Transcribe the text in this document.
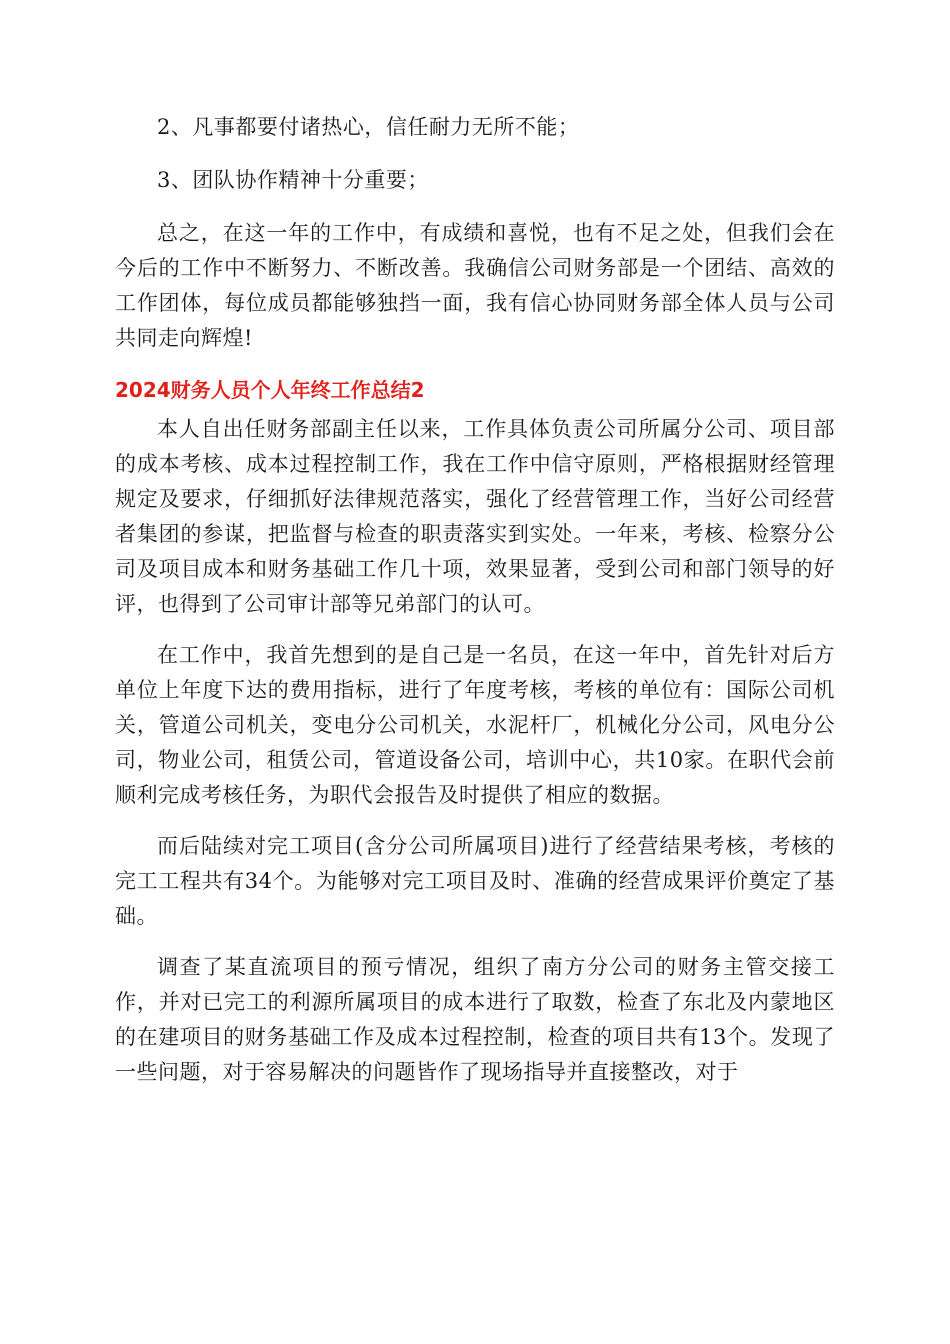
2、凡事都要付诸热心，信任耐力无所不能；

3、团队协作精神十分重要；

总之，在这一年的工作中，有成绩和喜悦，也有不足之处，但我们会在今后的工作中不断努力、不断改善。我确信公司财务部是一个团结、高效的工作团体，每位成员都能够独挡一面，我有信心协同财务部全体人员与公司共同走向辉煌!

2024财务人员个人年终工作总结2

本人自出任财务部副主任以来，工作具体负责公司所属分公司、项目部的成本考核、成本过程控制工作，我在工作中信守原则，严格根据财经管理规定及要求，仔细抓好法律规范落实，强化了经营管理工作，当好公司经营者集团的参谋，把监督与检查的职责落实到实处。一年来，考核、检察分公司及项目成本和财务基础工作几十项，效果显著，受到公司和部门领导的好评，也得到了公司审计部等兄弟部门的认可。

在工作中，我首先想到的是自己是一名员，在这一年中，首先针对后方单位上年度下达的费用指标，进行了年度考核，考核的单位有：国际公司机关，管道公司机关，变电分公司机关，水泥杆厂，机械化分公司，风电分公司，物业公司，租赁公司，管道设备公司，培训中心，共10家。在职代会前顺利完成考核任务，为职代会报告及时提供了相应的数据。

而后陆续对完工项目(含分公司所属项目)进行了经营结果考核，考核的完工工程共有34个。为能够对完工项目及时、准确的经营成果评价奠定了基础。

调查了某直流项目的预亏情况，组织了南方分公司的财务主管交接工作，并对已完工的利源所属项目的成本进行了取数，检查了东北及内蒙地区的在建项目的财务基础工作及成本过程控制，检查的项目共有13个。发现了一些问题，对于容易解决的问题皆作了现场指导并直接整改，对于
